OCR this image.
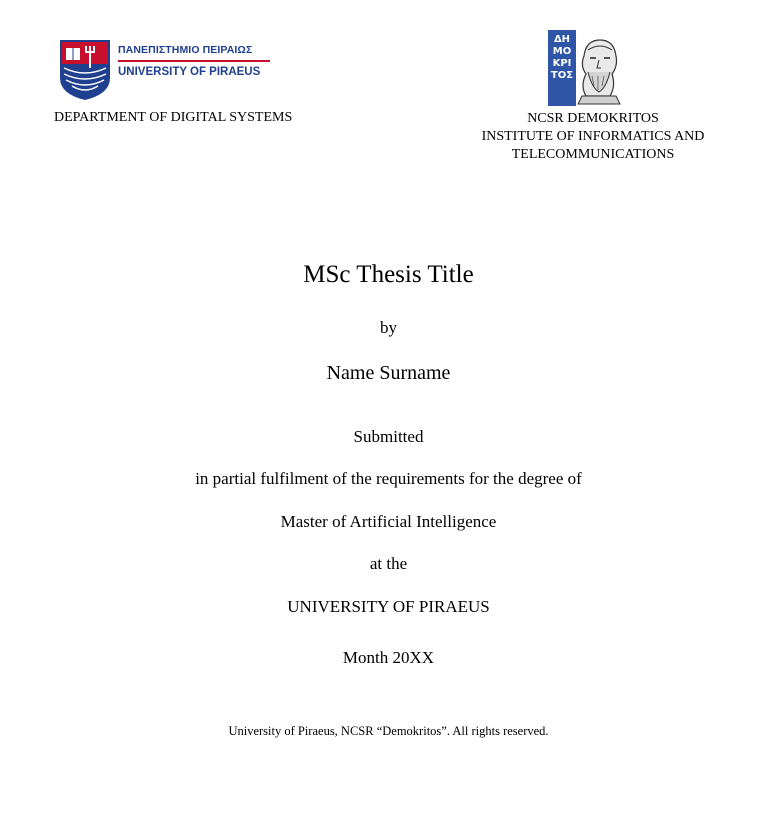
ΠΑΝΕΠΙΣΤΗΜΙΟ ΠΕΙΡΑΙΩΣ
UNIVERSITY OF PIRAEUS
DEPARTMENT OF DIGITAL SYSTEMS
ΔΗ
ΜΟ
ΚΡΙ
ΤΟΣ
NCSR DEMOKRITOS
INSTITUTE OF INFORMATICS AND
TELECOMMUNICATIONS
MSc Thesis Title
by
Name Surname
Submitted
in partial fulfilment of the requirements for the degree of
Master of Artificial Intelligence
at the
UNIVERSITY OF PIRAEUS
Month 20XX
University of Piraeus, NCSR “Demokritos”. All rights reserved.
